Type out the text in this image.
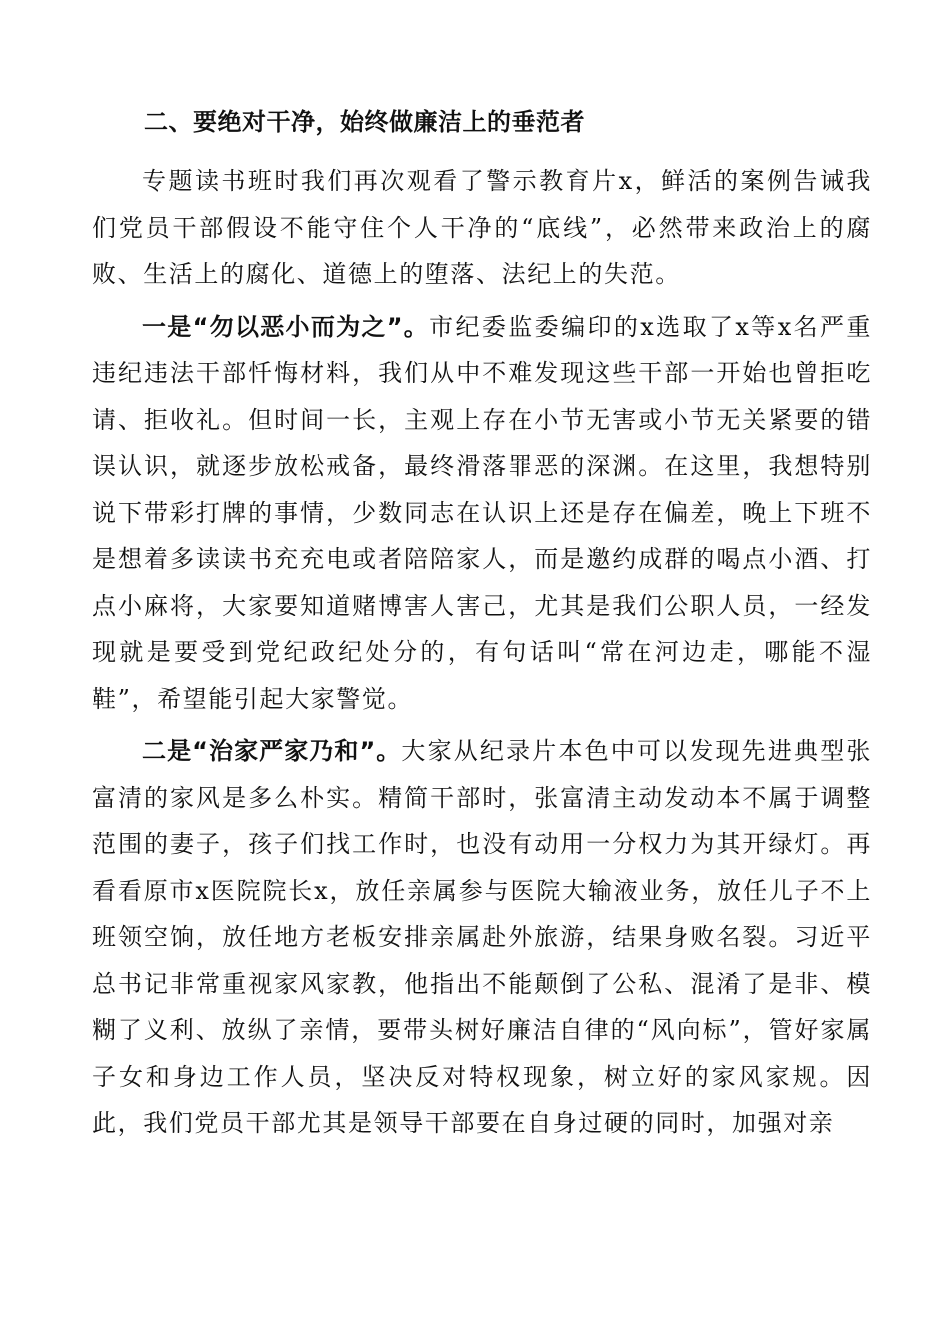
二、要绝对干净，始终做廉洁上的垂范者

专题读书班时我们再次观看了警示教育片x，鲜活的案例告诫我们党员干部假设不能守住个人干净的“底线”，必然带来政治上的腐败、生活上的腐化、道德上的堕落、法纪上的失范。

一是“勿以恶小而为之”。市纪委监委编印的x选取了x等x名严重违纪违法干部忏悔材料，我们从中不难发现这些干部一开始也曾拒吃请、拒收礼。但时间一长，主观上存在小节无害或小节无关紧要的错误认识，就逐步放松戒备，最终滑落罪恶的深渊。在这里，我想特别说下带彩打牌的事情，少数同志在认识上还是存在偏差，晚上下班不是想着多读读书充充电或者陪陪家人，而是邀约成群的喝点小酒、打点小麻将，大家要知道赌博害人害己，尤其是我们公职人员，一经发现就是要受到党纪政纪处分的，有句话叫“常在河边走，哪能不湿鞋”，希望能引起大家警觉。

二是“治家严家乃和”。大家从纪录片本色中可以发现先进典型张富清的家风是多么朴实。精简干部时，张富清主动发动本不属于调整范围的妻子，孩子们找工作时，也没有动用一分权力为其开绿灯。再看看原市x医院院长x，放任亲属参与医院大输液业务，放任儿子不上班领空饷，放任地方老板安排亲属赴外旅游，结果身败名裂。习近平总书记非常重视家风家教，他指出不能颠倒了公私、混淆了是非、模糊了义利、放纵了亲情，要带头树好廉洁自律的“风向标”，管好家属子女和身边工作人员，坚决反对特权现象，树立好的家风家规。因此，我们党员干部尤其是领导干部要在自身过硬的同时，加强对亲
